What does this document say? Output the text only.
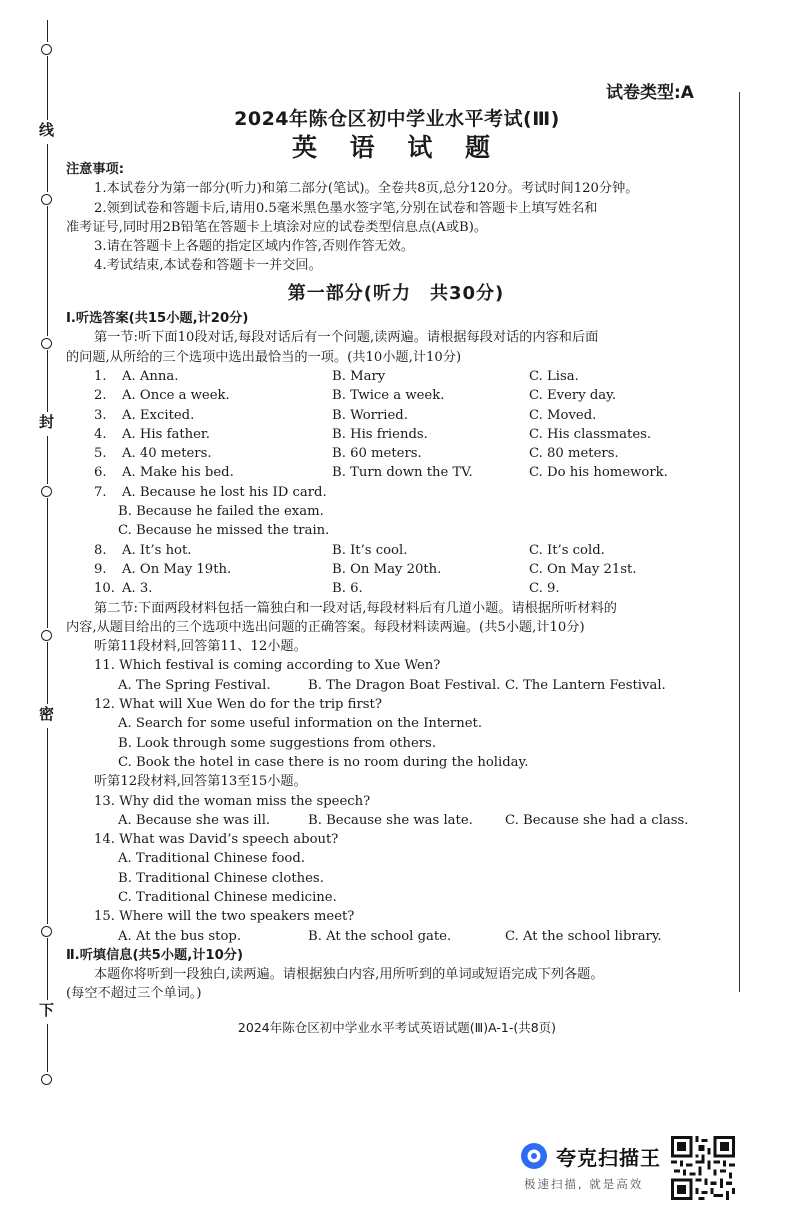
线
封
密
下
试卷类型:A
2024年陈仓区初中学业水平考试(Ⅲ)
英 语 试 题
注意事项:
1.本试卷分为第一部分(听力)和第二部分(笔试)。全卷共8页,总分120分。考试时间120分钟。
2.领到试卷和答题卡后,请用0.5毫米黑色墨水签字笔,分别在试卷和答题卡上填写姓名和
准考证号,同时用2B铅笔在答题卡上填涂对应的试卷类型信息点(A或B)。
3.请在答题卡上各题的指定区域内作答,否则作答无效。
4.考试结束,本试卷和答题卡一并交回。
第一部分(听力　共30分)
Ⅰ.听选答案(共15小题,计20分)
第一节:听下面10段对话,每段对话后有一个问题,读两遍。请根据每段对话的内容和后面
的问题,从所给的三个选项中选出最恰当的一项。(共10小题,计10分)
1.	A. Anna.	B. Mary	C. Lisa.
2.	A. Once a week.	B. Twice a week.	C. Every day.
3.	A. Excited.	B. Worried.	C. Moved.
4.	A. His father.	B. His friends.	C. His classmates.
5.	A. 40 meters.	B. 60 meters.	C. 80 meters.
6.	A. Make his bed.	B. Turn down the TV.	C. Do his homework.
7.	A. Because he lost his ID card.
B. Because he failed the exam.
C. Because he missed the train.
8.	A. It’s hot.	B. It’s cool.	C. It’s cold.
9.	A. On May 19th.	B. On May 20th.	C. On May 21st.
10. A. 3.	B. 6.	C. 9.
第二节:下面两段材料包括一篇独白和一段对话,每段材料后有几道小题。请根据所听材料的
内容,从题目给出的三个选项中选出问题的正确答案。每段材料读两遍。(共5小题,计10分)
听第11段材料,回答第11、12小题。
11. Which festival is coming according to Xue Wen?
A. The Spring Festival.	B. The Dragon Boat Festival. C. The Lantern Festival.
12. What will Xue Wen do for the trip first?
A. Search for some useful information on the Internet.
B. Look through some suggestions from others.
C. Book the hotel in case there is no room during the holiday.
听第12段材料,回答第13至15小题。
13. Why did the woman miss the speech?
A. Because she was ill.	B. Because she was late.	C. Because she had a class.
14. What was David’s speech about?
A. Traditional Chinese food.
B. Traditional Chinese clothes.
C. Traditional Chinese medicine.
15. Where will the two speakers meet?
A. At the bus stop.	B. At the school gate.	C. At the school library.
Ⅱ.听填信息(共5小题,计10分)
本题你将听到一段独白,读两遍。请根据独白内容,用所听到的单词或短语完成下列各题。
(每空不超过三个单词。)
2024年陈仓区初中学业水平考试英语试题(Ⅲ)A-1-(共8页)
夸克扫描王
极速扫描, 就是高效
